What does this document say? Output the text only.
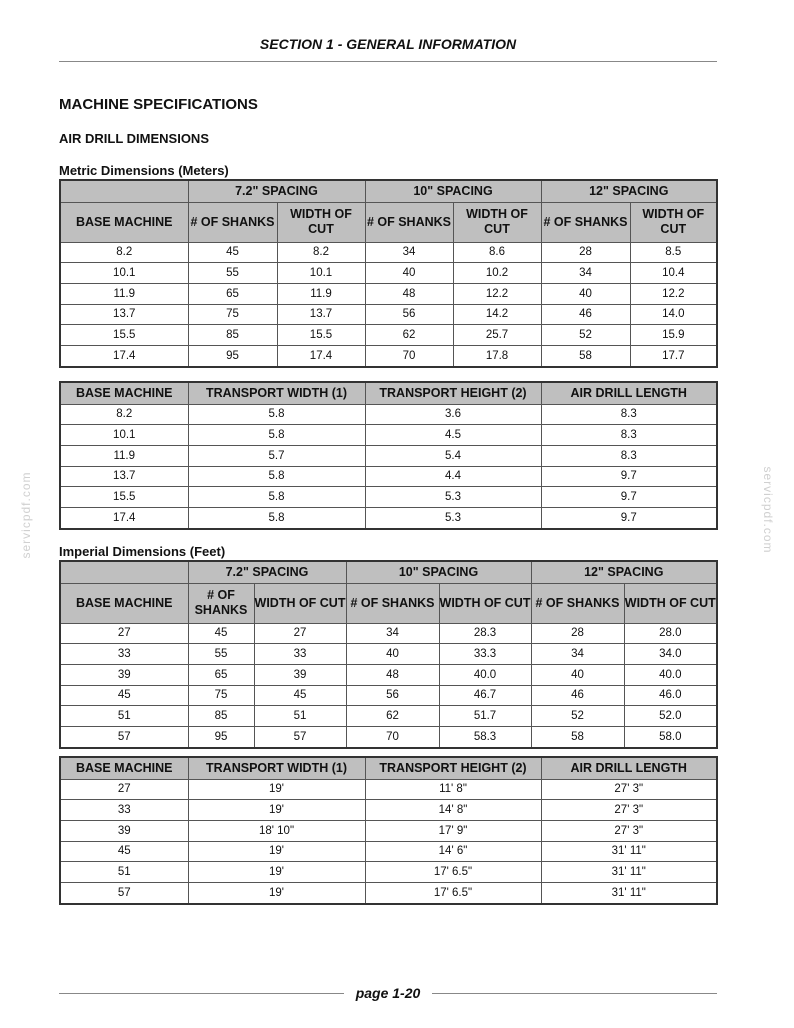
SECTION 1 - GENERAL INFORMATION
MACHINE SPECIFICATIONS
AIR DRILL DIMENSIONS
Metric Dimensions (Meters)
	7.2" SPACING		10" SPACING		12" SPACING	
BASE MACHINE	# OF SHANKS	WIDTH OF CUT	# OF SHANKS	WIDTH OF CUT	# OF SHANKS	WIDTH OF CUT
8.2	45	8.2	34	8.6	28	8.5
10.1	55	10.1	40	10.2	34	10.4
11.9	65	11.9	48	12.2	40	12.2
13.7	75	13.7	56	14.2	46	14.0
15.5	85	15.5	62	25.7	52	15.9
17.4	95	17.4	70	17.8	58	17.7
BASE MACHINE	TRANSPORT WIDTH (1)	TRANSPORT HEIGHT (2)	AIR DRILL LENGTH
8.2	5.8	3.6	8.3
10.1	5.8	4.5	8.3
11.9	5.7	5.4	8.3
13.7	5.8	4.4	9.7
15.5	5.8	5.3	9.7
17.4	5.8	5.3	9.7
Imperial Dimensions (Feet)
	7.2" SPACING		10" SPACING		12" SPACING	
BASE MACHINE	# OF SHANKS	WIDTH OF CUT	# OF SHANKS	WIDTH OF CUT	# OF SHANKS	WIDTH OF CUT
27	45	27	34	28.3	28	28.0
33	55	33	40	33.3	34	34.0
39	65	39	48	40.0	40	40.0
45	75	45	56	46.7	46	46.0
51	85	51	62	51.7	52	52.0
57	95	57	70	58.3	58	58.0
BASE MACHINE	TRANSPORT WIDTH (1)	TRANSPORT HEIGHT (2)	AIR DRILL LENGTH
27	19'	11' 8"	27' 3"
33	19'	14' 8"	27' 3"
39	18' 10"	17' 9"	27' 3"
45	19'	14' 6"	31' 11"
51	19'	17' 6.5"	31' 11"
57	19'	17' 6.5"	31' 11"
servicpdf.com	servicpdf.com
page 1-20
